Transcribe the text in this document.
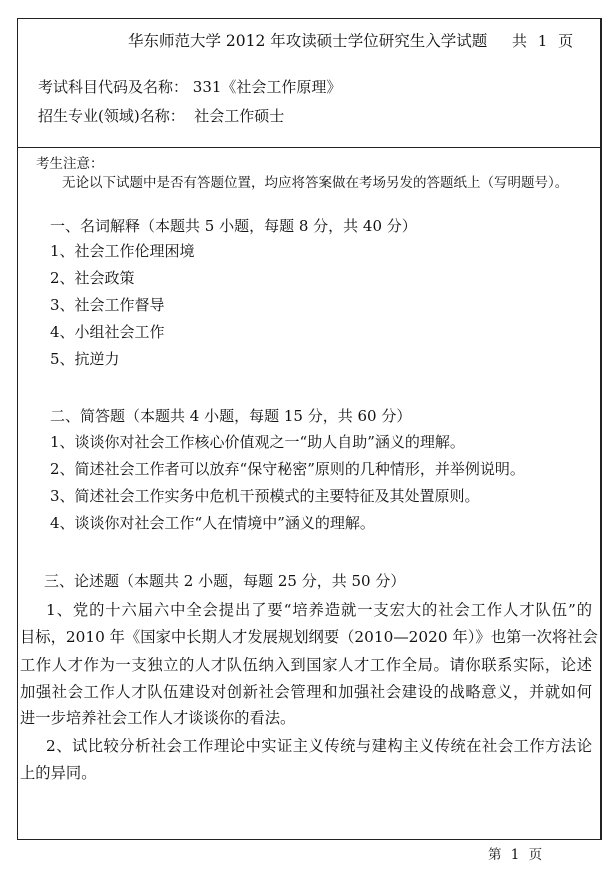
华东师范大学 2012 年攻读硕士学位研究生入学试题 共 1 页
考试科目代码及名称： 331《社会工作原理》
招生专业(领域)名称： 社会工作硕士
考生注意：
无论以下试题中是否有答题位置，均应将答案做在考场另发的答题纸上（写明题号）。
一、名词解释（本题共 5 小题，每题 8 分，共 40 分）
1、社会工作伦理困境
2、社会政策
3、社会工作督导
4、小组社会工作
5、抗逆力
二、简答题（本题共 4 小题，每题 15 分，共 60 分）
1、谈谈你对社会工作核心价值观之一“助人自助”涵义的理解。
2、简述社会工作者可以放弃“保守秘密”原则的几种情形，并举例说明。
3、简述社会工作实务中危机干预模式的主要特征及其处置原则。
4、谈谈你对社会工作“人在情境中”涵义的理解。
三、论述题（本题共 2 小题，每题 25 分，共 50 分）
1、党的十六届六中全会提出了要“培养造就一支宏大的社会工作人才队伍”的
目标，2010 年《国家中长期人才发展规划纲要（2010—2020 年）》也第一次将社会
工作人才作为一支独立的人才队伍纳入到国家人才工作全局。请你联系实际，论述
加强社会工作人才队伍建设对创新社会管理和加强社会建设的战略意义，并就如何
进一步培养社会工作人才谈谈你的看法。
2、试比较分析社会工作理论中实证主义传统与建构主义传统在社会工作方法论
上的异同。
第 1 页
